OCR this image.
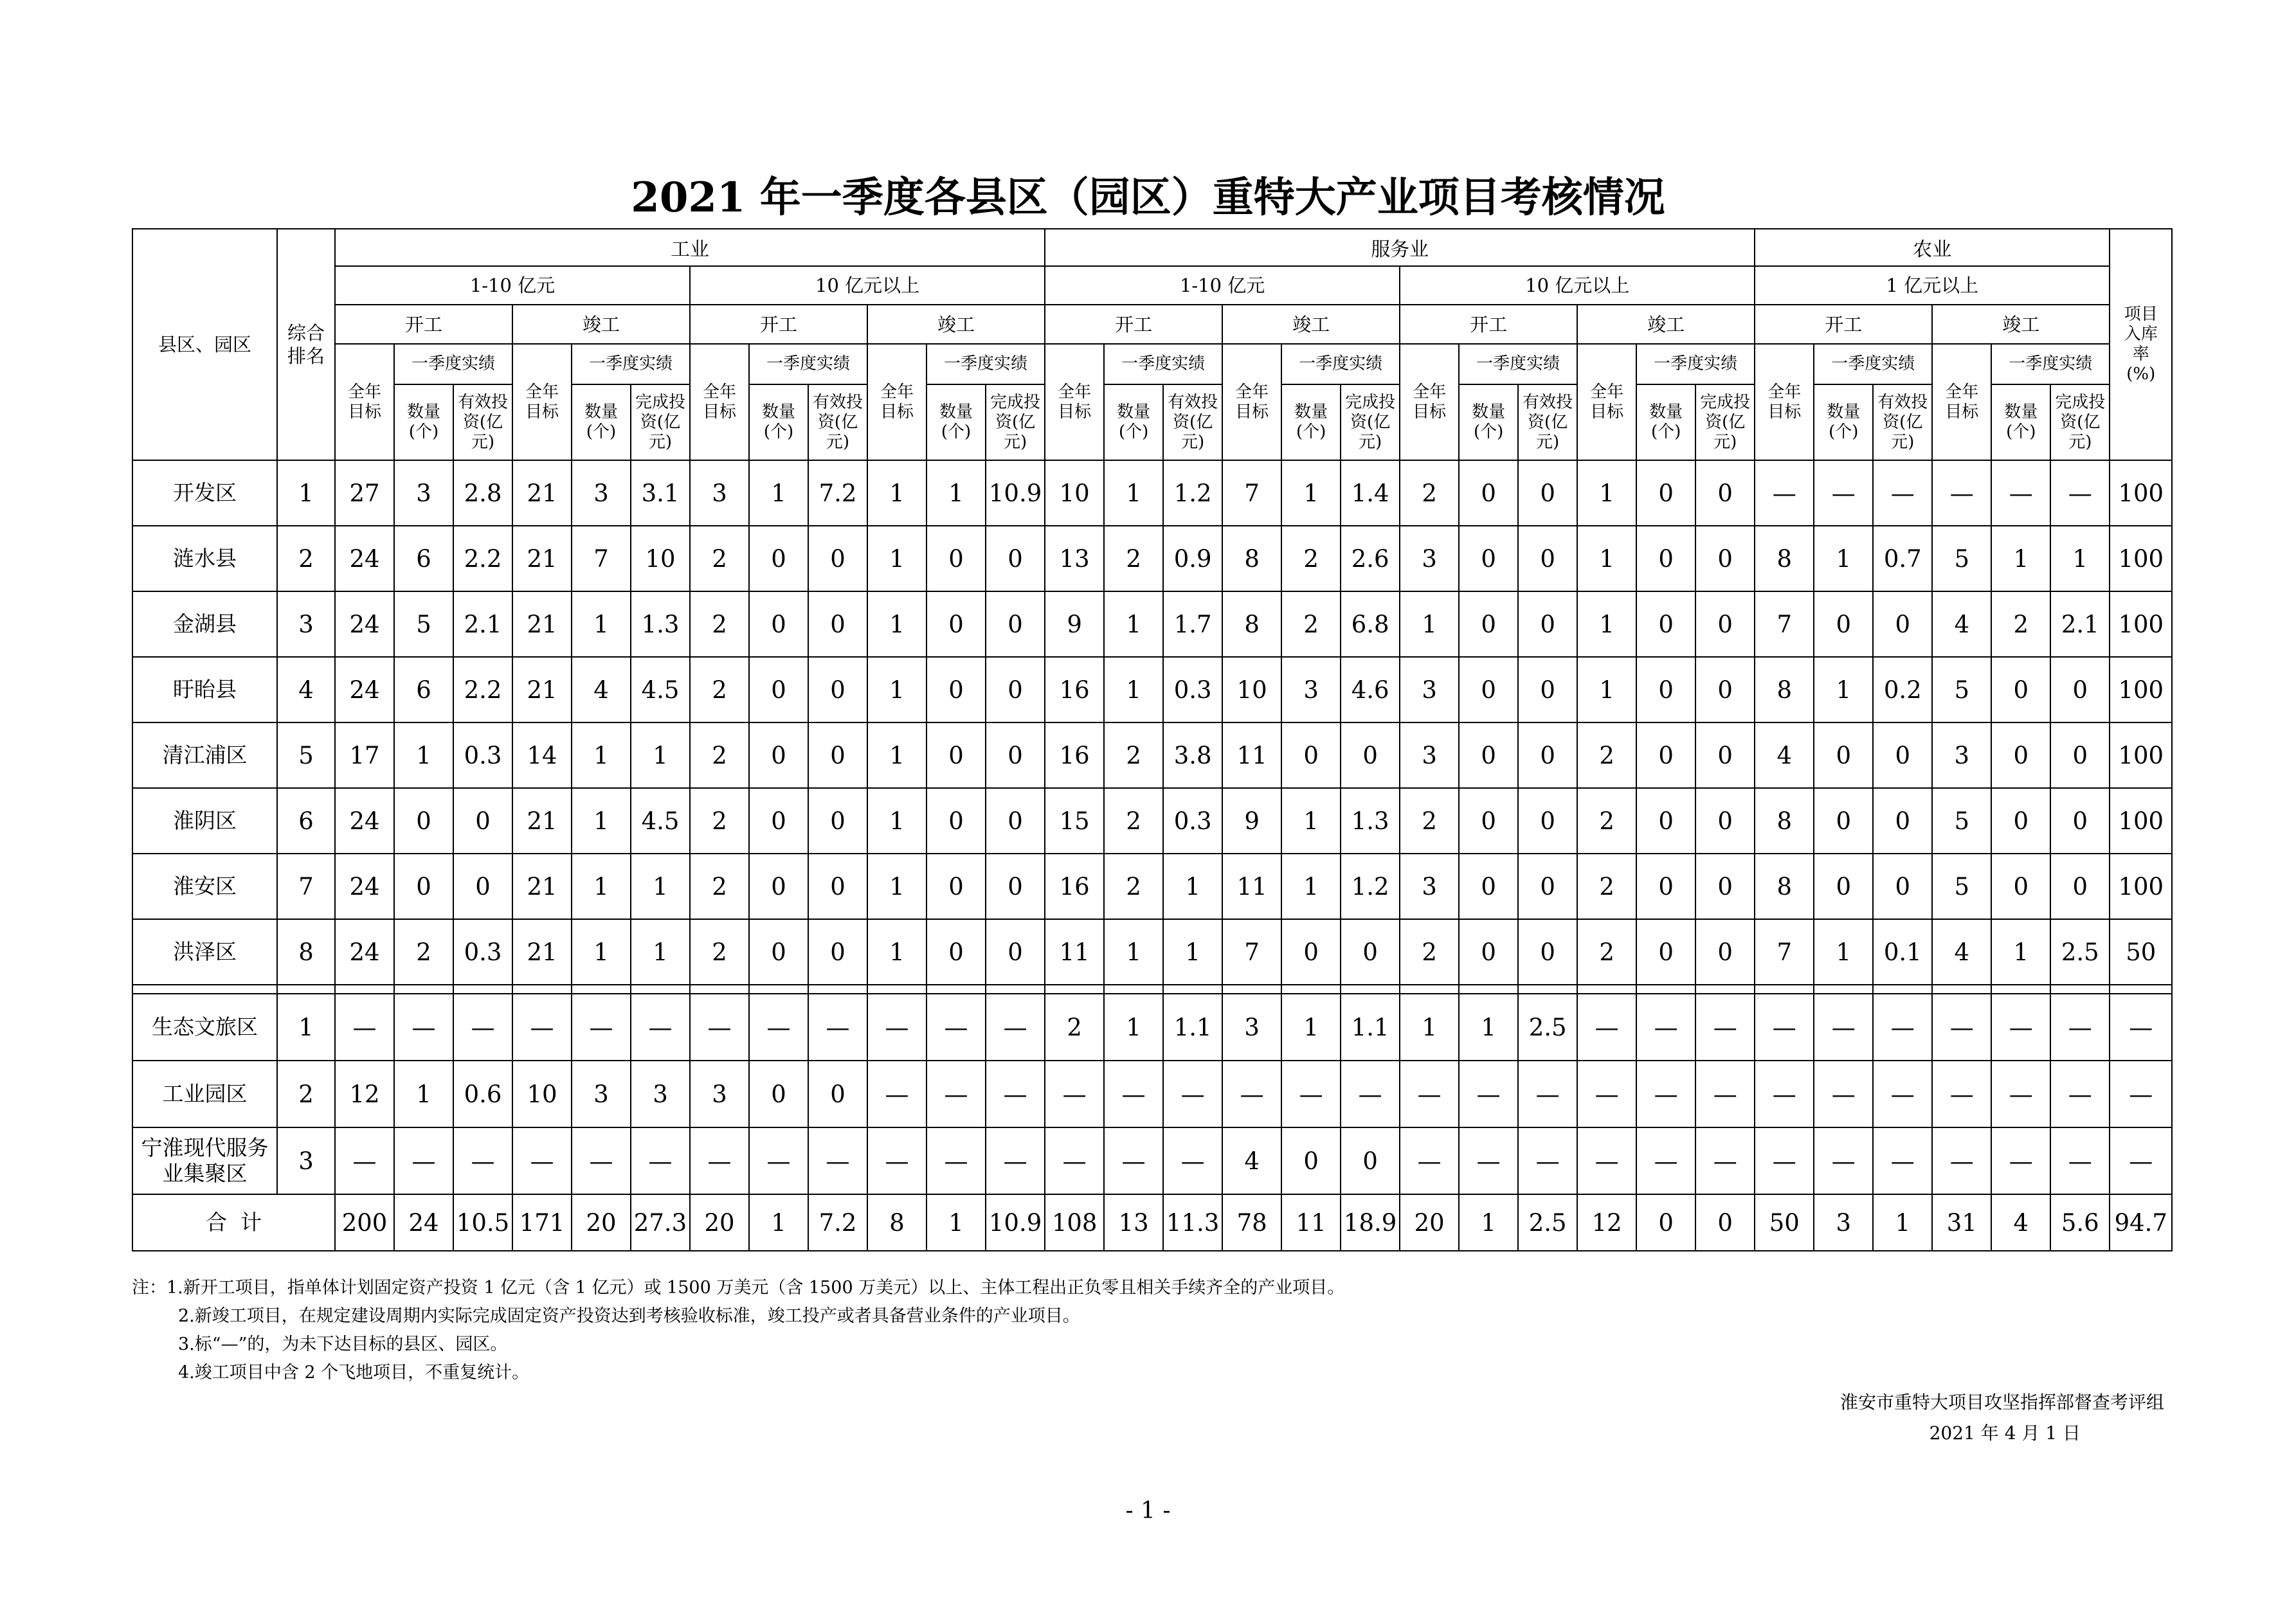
2021 年一季度各县区（园区）重特大产业项目考核情况
县区、园区	综合排名	工业												服务业												农业						项目入库率(%)
		1-10 亿元						10 亿元以上						1-10 亿元						10 亿元以上						1 亿元以上						
		开工			竣工			开工			竣工			开工			竣工			开工			竣工			开工			竣工			
		全年目标	一季度实绩		全年目标	一季度实绩		全年目标	一季度实绩		全年目标	一季度实绩		全年目标	一季度实绩		全年目标	一季度实绩		全年目标	一季度实绩		全年目标	一季度实绩		全年目标	一季度实绩		全年目标	一季度实绩		
			数量(个)	有效投资(亿元)		数量(个)	完成投资(亿元)		数量(个)	有效投资(亿元)		数量(个)	完成投资(亿元)		数量(个)	有效投资(亿元)		数量(个)	完成投资(亿元)		数量(个)	有效投资(亿元)		数量(个)	完成投资(亿元)		数量(个)	有效投资(亿元)		数量(个)	完成投资(亿元)	
开发区	1	27	3	2.8	21	3	3.1	3	1	7.2	1	1	10.9	10	1	1.2	7	1	1.4	2	0	0	1	0	0	—	—	—	—	—	—	100
涟水县	2	24	6	2.2	21	7	10	2	0	0	1	0	0	13	2	0.9	8	2	2.6	3	0	0	1	0	0	8	1	0.7	5	1	1	100
金湖县	3	24	5	2.1	21	1	1.3	2	0	0	1	0	0	9	1	1.7	8	2	6.8	1	0	0	1	0	0	7	0	0	4	2	2.1	100
盱眙县	4	24	6	2.2	21	4	4.5	2	0	0	1	0	0	16	1	0.3	10	3	4.6	3	0	0	1	0	0	8	1	0.2	5	0	0	100
清江浦区	5	17	1	0.3	14	1	1	2	0	0	1	0	0	16	2	3.8	11	0	0	3	0	0	2	0	0	4	0	0	3	0	0	100
淮阴区	6	24	0	0	21	1	4.5	2	0	0	1	0	0	15	2	0.3	9	1	1.3	2	0	0	2	0	0	8	0	0	5	0	0	100
淮安区	7	24	0	0	21	1	1	2	0	0	1	0	0	16	2	1	11	1	1.2	3	0	0	2	0	0	8	0	0	5	0	0	100
洪泽区	8	24	2	0.3	21	1	1	2	0	0	1	0	0	11	1	1	7	0	0	2	0	0	2	0	0	7	1	0.1	4	1	2.5	50

生态文旅区	1	—	—	—	—	—	—	—	—	—	—	—	—	2	1	1.1	3	1	1.1	1	1	2.5	—	—	—	—	—	—	—	—	—	—
工业园区	2	12	1	0.6	10	3	3	3	0	0	—	—	—	—	—	—	—	—	—	—	—	—	—	—	—	—	—	—	—	—	—	—
宁淮现代服务业集聚区	3	—	—	—	—	—	—	—	—	—	—	—	—	—	—	—	4	0	0	—	—	—	—	—	—	—	—	—	—	—	—	—
合  计		200	24	10.5	171	20	27.3	20	1	7.2	8	1	10.9	108	13	11.3	78	11	18.9	20	1	2.5	12	0	0	50	3	1	31	4	5.6	94.7
注：1.新开工项目，指单体计划固定资产投资 1 亿元（含 1 亿元）或 1500 万美元（含 1500 万美元）以上、主体工程出正负零且相关手续齐全的产业项目。
2.新竣工项目，在规定建设周期内实际完成固定资产投资达到考核验收标准，竣工投产或者具备营业条件的产业项目。
3.标“—”的，为未下达目标的县区、园区。
4.竣工项目中含 2 个飞地项目，不重复统计。
淮安市重特大项目攻坚指挥部督查考评组
2021 年 4 月 1 日
- 1 -
